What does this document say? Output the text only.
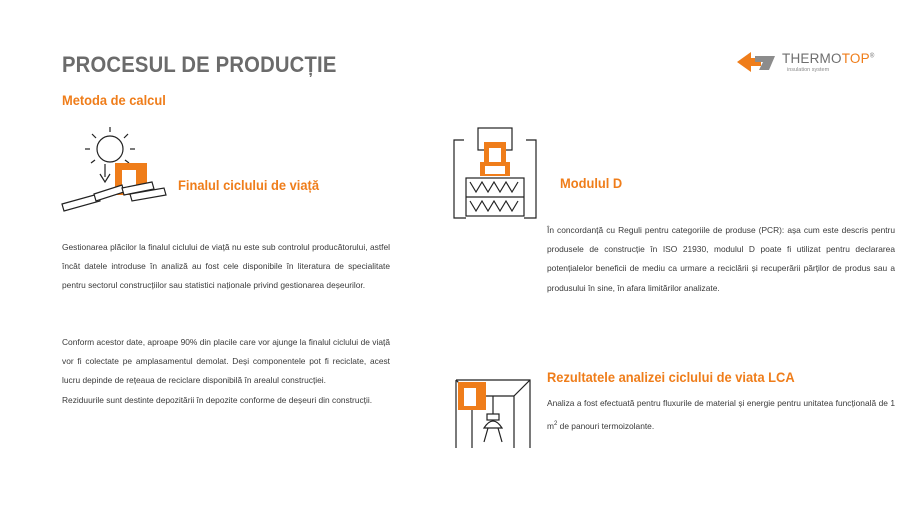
PROCESUL DE PRODUCȚIE
Metoda de calcul
THERMOTOP®
insulation system
Finalul ciclului de viață

Gestionarea plăcilor la finalul ciclului de viață nu este sub controlul producătorului, astfel încât datele introduse în analiză au fost cele disponibile în literatura de specialitate pentru sectorul construcțiilor sau statistici naționale privind gestionarea deșeurilor.

Conform acestor date, aproape 90% din placile care vor ajunge la finalul ciclului de viață vor fi colectate pe amplasamentul demolat. Deși componentele pot fi reciclate, acest lucru depinde de rețeaua de reciclare disponibilă în arealul construcției.

Reziduurile sunt destinte depozitării în depozite conforme de deșeuri din construcții.

Modulul D

În concordanță cu Reguli pentru categoriile de produse (PCR): așa cum este descris pentru produsele de construcție în ISO 21930, modulul D poate fi utilizat pentru declararea potențialelor beneficii de mediu ca urmare a reciclării și recuperării părților de produs sau a produsului în sine, în afara limitărilor analizate.

Rezultatele analizei ciclului de viata LCA

Analiza a fost efectuată pentru fluxurile de material și energie pentru unitatea funcțională de 1 $m^2$ de panouri termoizolante.
